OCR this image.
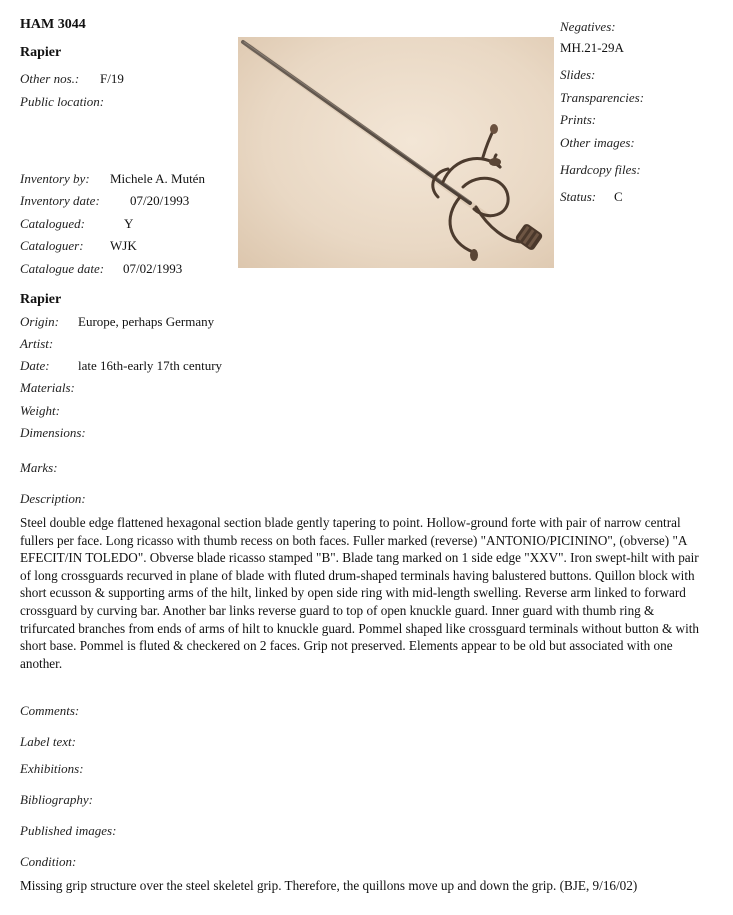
HAM 3044
Rapier
Other nos.: F/19
Public location:
Inventory by: Michele A. Mutén
Inventory date: 07/20/1993
Catalogued:	Y
Cataloguer: WJK
Catalogue date: 07/02/1993
Negatives:
MH.21-29A
Slides:
Transparencies:
Prints:
Other images:
Hardcopy files:
Status: C
Rapier
Origin: Europe, perhaps Germany
Artist:
Date: late 16th-early 17th century
Materials:
Weight:
Dimensions:
Marks:
Description:
Steel double edge flattened hexagonal section blade gently tapering to point. Hollow-ground forte with pair of narrow central fullers per face. Long ricasso with thumb recess on both faces. Fuller marked (reverse) "ANTONIO/PICININO", (obverse) "A EFECIT/IN TOLEDO". Obverse blade ricasso stamped "B". Blade tang marked on 1 side edge "XXV". Iron swept-hilt with pair of long crossguards recurved in plane of blade with fluted drum-shaped terminals having balustered buttons. Quillon block with short ecusson & supporting arms of the hilt, linked by open side ring with mid-length swelling. Reverse arm linked to forward crossguard by curving bar. Another bar links reverse guard to top of open knuckle guard. Inner guard with thumb ring & trifurcated branches from ends of arms of hilt to knuckle guard. Pommel shaped like crossguard terminals without button & with short base. Pommel is fluted & checkered on 2 faces. Grip not preserved. Elements appear to be old but associated with one another.
Comments:
Label text:
Exhibitions:
Bibliography:
Published images:
Condition:
Missing grip structure over the steel skeletel grip. Therefore, the quillons move up and down the grip. (BJE, 9/16/02)
